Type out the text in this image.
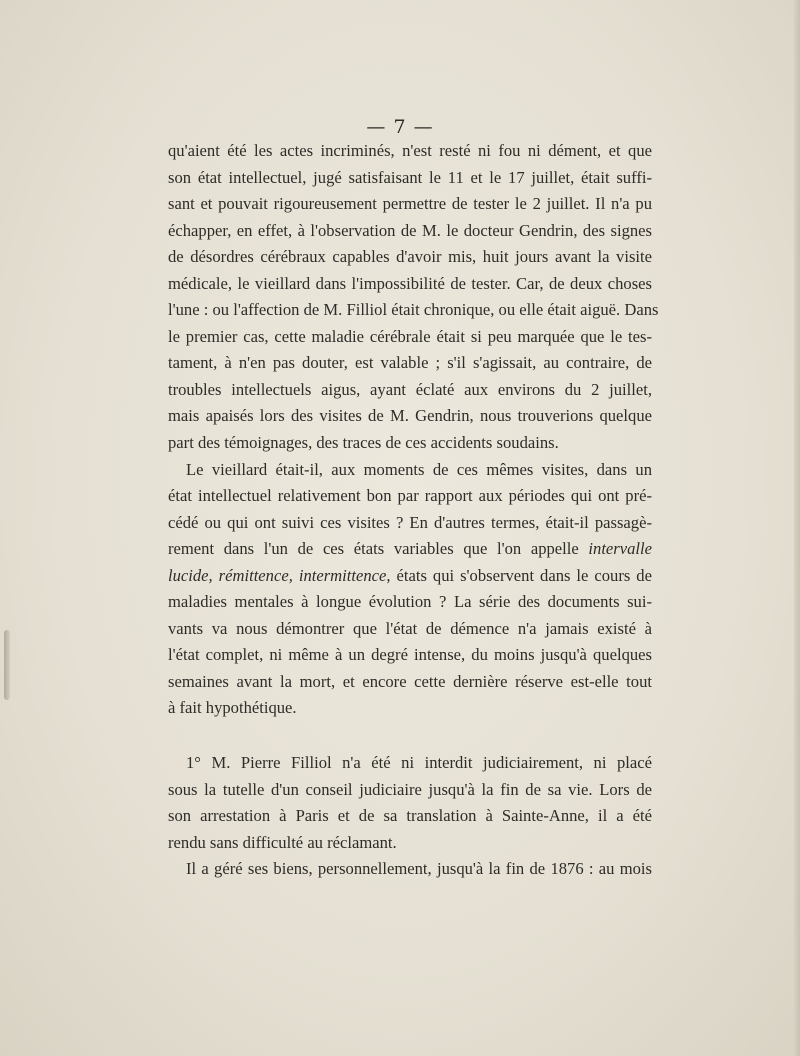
— 7 —

qu'aient été les actes incriminés, n'est resté ni fou ni dément, et que
son état intellectuel, jugé satisfaisant le 11 et le 17 juillet, était suffi-
sant et pouvait rigoureusement permettre de tester le 2 juillet. Il n'a pu
échapper, en effet, à l'observation de M. le docteur Gendrin, des signes
de désordres cérébraux capables d'avoir mis, huit jours avant la visite
médicale, le vieillard dans l'impossibilité de tester. Car, de deux choses
l'une : ou l'affection de M. Filliol était chronique, ou elle était aiguë. Dans
le premier cas, cette maladie cérébrale était si peu marquée que le tes-
tament, à n'en pas douter, est valable ; s'il s'agissait, au contraire, de
troubles intellectuels aigus, ayant éclaté aux environs du 2 juillet,
mais apaisés lors des visites de M. Gendrin, nous trouverions quelque
part des témoignages, des traces de ces accidents soudains.

Le vieillard était-il, aux moments de ces mêmes visites, dans un
état intellectuel relativement bon par rapport aux périodes qui ont pré-
cédé ou qui ont suivi ces visites ? En d'autres termes, était-il passagè-
rement dans l'un de ces états variables que l'on appelle intervalle
lucide, rémittence, intermittence, états qui s'observent dans le cours de
maladies mentales à longue évolution ? La série des documents sui-
vants va nous démontrer que l'état de démence n'a jamais existé à
l'état complet, ni même à un degré intense, du moins jusqu'à quelques
semaines avant la mort, et encore cette dernière réserve est-elle tout
à fait hypothétique.

1° M. Pierre Filliol n'a été ni interdit judiciairement, ni placé
sous la tutelle d'un conseil judiciaire jusqu'à la fin de sa vie. Lors de
son arrestation à Paris et de sa translation à Sainte-Anne, il a été
rendu sans difficulté au réclamant.

Il a géré ses biens, personnellement, jusqu'à la fin de 1876 : au mois
